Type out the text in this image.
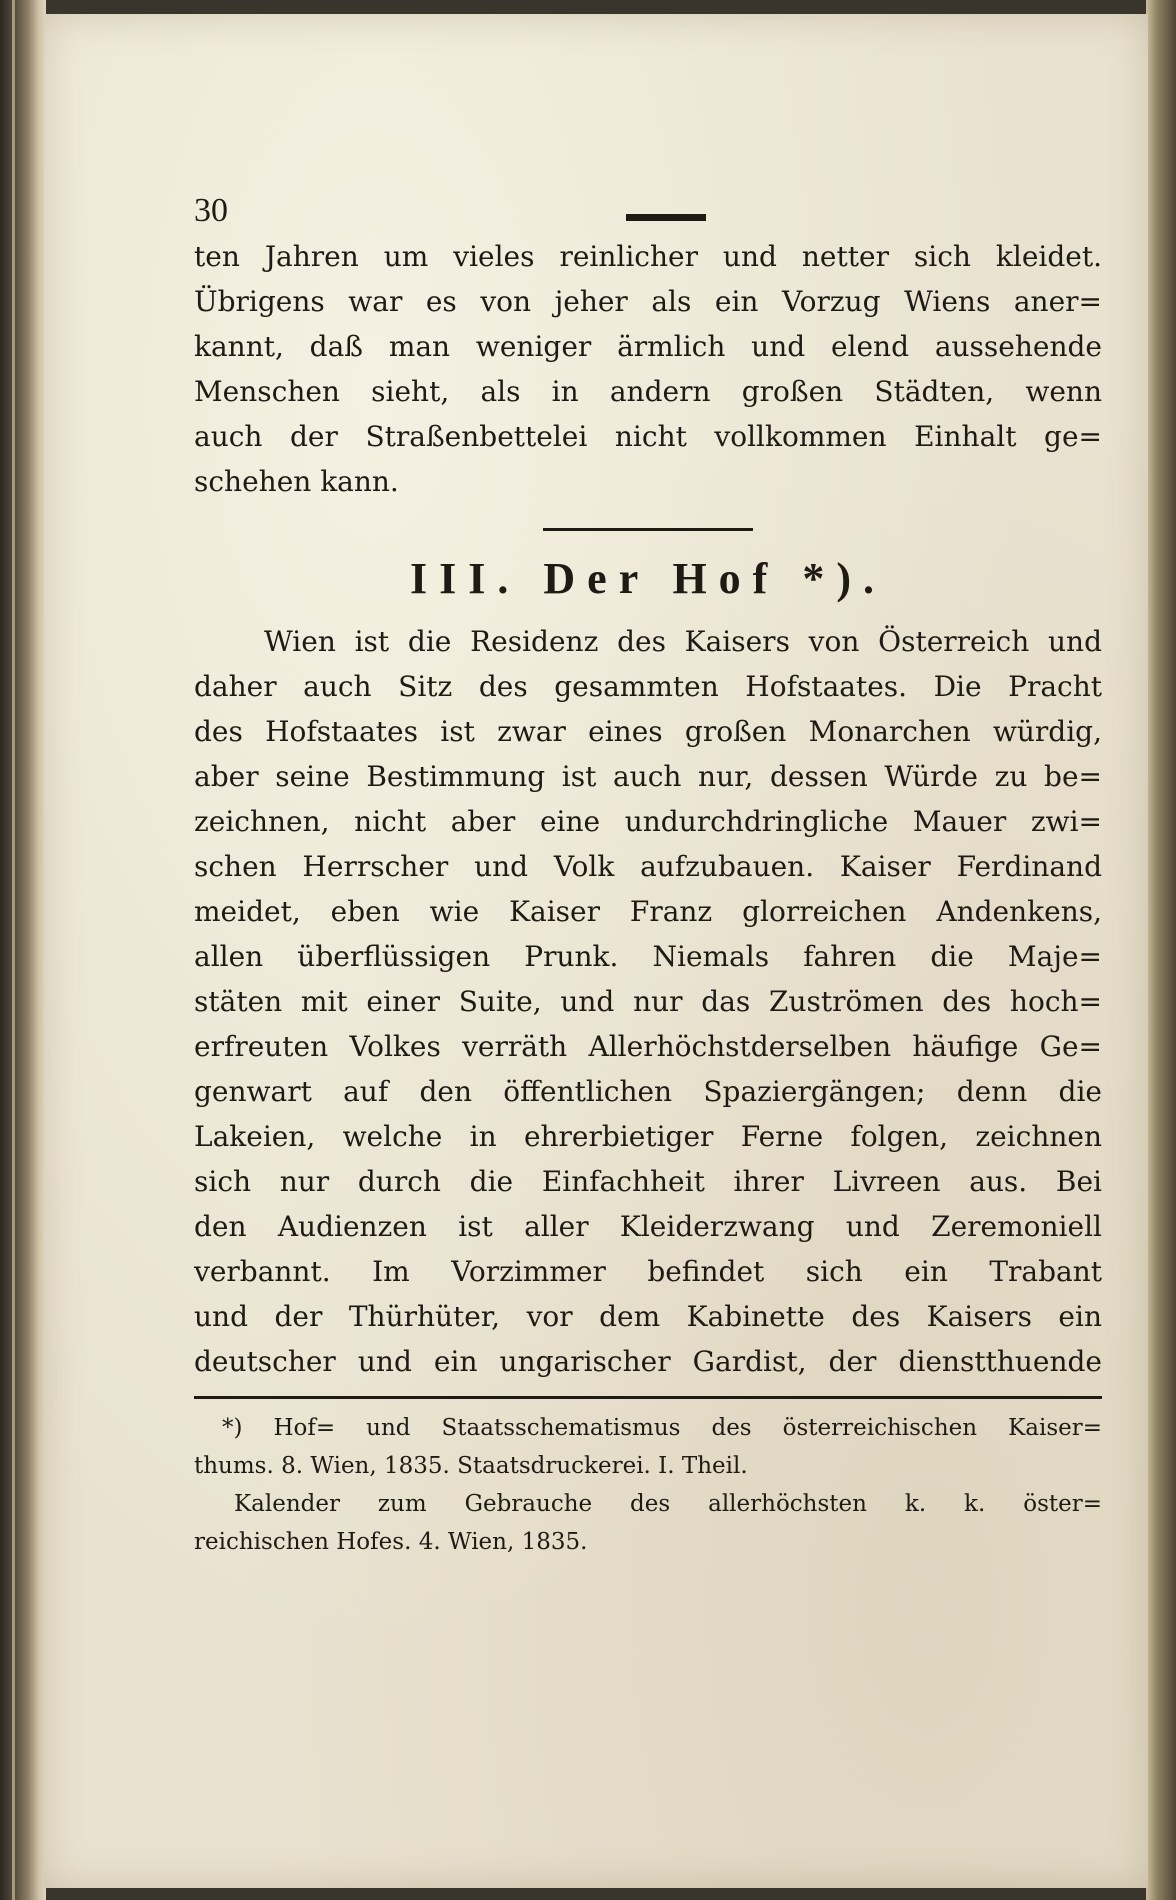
30

ten Jahren um vieles reinlicher und netter sich kleidet.
Übrigens war es von jeher als ein Vorzug Wiens aner=
kannt, daß man weniger ärmlich und elend aussehende
Menschen sieht, als in andern großen Städten, wenn
auch der Straßenbettelei nicht vollkommen Einhalt ge=
schehen kann.

III. Der Hof *).

Wien ist die Residenz des Kaisers von Österreich und
daher auch Sitz des gesammten Hofstaates. Die Pracht
des Hofstaates ist zwar eines großen Monarchen würdig,
aber seine Bestimmung ist auch nur, dessen Würde zu be=
zeichnen, nicht aber eine undurchdringliche Mauer zwi=
schen Herrscher und Volk aufzubauen. Kaiser Ferdinand
meidet, eben wie Kaiser Franz glorreichen Andenkens,
allen überflüssigen Prunk. Niemals fahren die Maje=
stäten mit einer Suite, und nur das Zuströmen des hoch=
erfreuten Volkes verräth Allerhöchstderselben häufige Ge=
genwart auf den öffentlichen Spaziergängen; denn die
Lakeien, welche in ehrerbietiger Ferne folgen, zeichnen
sich nur durch die Einfachheit ihrer Livreen aus. Bei
den Audienzen ist aller Kleiderzwang und Zeremoniell
verbannt. Im Vorzimmer befindet sich ein Trabant
und der Thürhüter, vor dem Kabinette des Kaisers ein
deutscher und ein ungarischer Gardist, der dienstthuende

*) Hof= und Staatsschematismus des österreichischen Kaiser=
thums. 8. Wien, 1835. Staatsdruckerei. I. Theil.
Kalender zum Gebrauche des allerhöchsten k. k. öster=
reichischen Hofes. 4. Wien, 1835.
